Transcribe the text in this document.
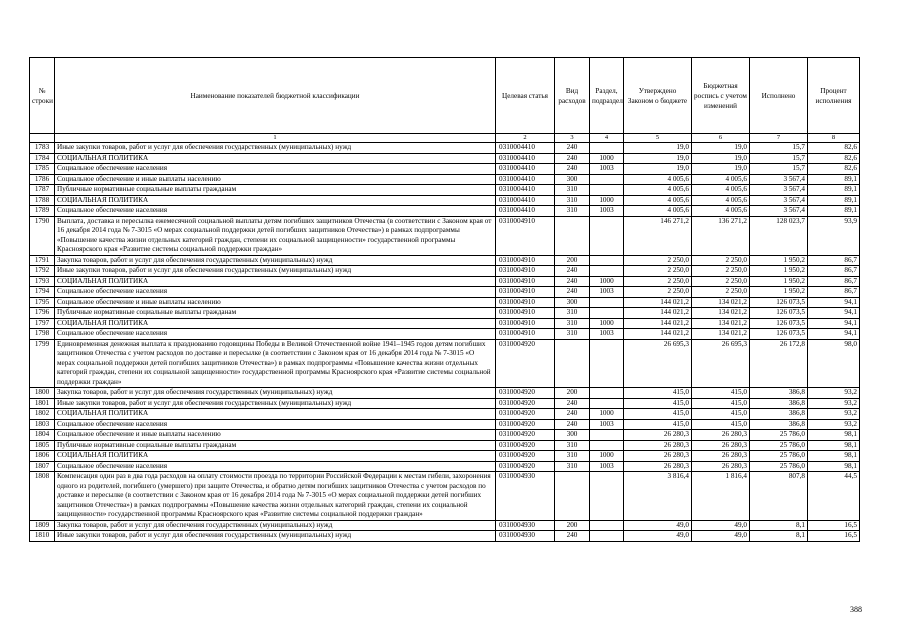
№ строки	Наименование показателей бюджетной классификации	Целевая статья	Вид расходов	Раздел, подраздел	Утверждено Законом о бюджете	Бюджетная роспись с учетом изменений	Исполнено	Процент исполнения
	1	2	3	4	5	6	7	8
1783	Иные закупки товаров, работ и услуг для обеспечения государственных (муниципальных) нужд	0310004410	240		19,0	19,0	15,7	82,6
1784	СОЦИАЛЬНАЯ ПОЛИТИКА	0310004410	240	1000	19,0	19,0	15,7	82,6
1785	Социальное обеспечение населения	0310004410	240	1003	19,0	19,0	15,7	82,6
1786	Социальное обеспечение и иные выплаты населению	0310004410	300		4 005,6	4 005,6	3 567,4	89,1
1787	Публичные нормативные социальные выплаты гражданам	0310004410	310		4 005,6	4 005,6	3 567,4	89,1
1788	СОЦИАЛЬНАЯ ПОЛИТИКА	0310004410	310	1000	4 005,6	4 005,6	3 567,4	89,1
1789	Социальное обеспечение населения	0310004410	310	1003	4 005,6	4 005,6	3 567,4	89,1
1790	Выплата, доставка и пересылка ежемесячной социальной выплаты детям погибших защитников Отечества (в соответствии с Законом края от 16 декабря 2014 года № 7-3015 «О мерах социальной поддержки детей погибших защитников Отечества») в рамках подпрограммы «Повышение качества жизни отдельных категорий граждан, степени их социальной защищенности» государственной программы Красноярского края «Развитие системы социальной поддержки граждан»	0310004910			146 271,2	136 271,2	128 023,7	93,9
1791	Закупка товаров, работ и услуг для обеспечения государственных (муниципальных) нужд	0310004910	200		2 250,0	2 250,0	1 950,2	86,7
1792	Иные закупки товаров, работ и услуг для обеспечения государственных (муниципальных) нужд	0310004910	240		2 250,0	2 250,0	1 950,2	86,7
1793	СОЦИАЛЬНАЯ ПОЛИТИКА	0310004910	240	1000	2 250,0	2 250,0	1 950,2	86,7
1794	Социальное обеспечение населения	0310004910	240	1003	2 250,0	2 250,0	1 950,2	86,7
1795	Социальное обеспечение и иные выплаты населению	0310004910	300		144 021,2	134 021,2	126 073,5	94,1
1796	Публичные нормативные социальные выплаты гражданам	0310004910	310		144 021,2	134 021,2	126 073,5	94,1
1797	СОЦИАЛЬНАЯ ПОЛИТИКА	0310004910	310	1000	144 021,2	134 021,2	126 073,5	94,1
1798	Социальное обеспечение населения	0310004910	310	1003	144 021,2	134 021,2	126 073,5	94,1
1799	Единовременная денежная выплата к празднованию годовщины Победы в Великой Отечественной войне 1941–1945 годов детям погибших защитников Отечества с учетом расходов по доставке и пересылке (в соответствии с Законом края от 16 декабря 2014 года № 7-3015 «О мерах социальной поддержки детей погибших защитников Отечества») в рамках подпрограммы «Повышение качества жизни отдельных категорий граждан, степени их социальной защищенности» государственной программы Красноярского края «Развитие системы социальной поддержки граждан»	0310004920			26 695,3	26 695,3	26 172,8	98,0
1800	Закупка товаров, работ и услуг для обеспечения государственных (муниципальных) нужд	0310004920	200		415,0	415,0	386,8	93,2
1801	Иные закупки товаров, работ и услуг для обеспечения государственных (муниципальных) нужд	0310004920	240		415,0	415,0	386,8	93,2
1802	СОЦИАЛЬНАЯ ПОЛИТИКА	0310004920	240	1000	415,0	415,0	386,8	93,2
1803	Социальное обеспечение населения	0310004920	240	1003	415,0	415,0	386,8	93,2
1804	Социальное обеспечение и иные выплаты населению	0310004920	300		26 280,3	26 280,3	25 786,0	98,1
1805	Публичные нормативные социальные выплаты гражданам	0310004920	310		26 280,3	26 280,3	25 786,0	98,1
1806	СОЦИАЛЬНАЯ ПОЛИТИКА	0310004920	310	1000	26 280,3	26 280,3	25 786,0	98,1
1807	Социальное обеспечение населения	0310004920	310	1003	26 280,3	26 280,3	25 786,0	98,1
1808	Компенсация один раз в два года расходов на оплату стоимости проезда по территории Российской Федерации к местам гибели, захоронения одного из родителей, погибшего (умершего) при защите Отечества, и обратно детям погибших защитников Отечества с учетом расходов по доставке и пересылке (в соответствии с Законом края от 16 декабря 2014 года № 7-3015 «О мерах социальной поддержки детей погибших защитников Отечества») в рамках подпрограммы «Повышение качества жизни отдельных категорий граждан, степени их социальной защищенности» государственной программы Красноярского края «Развитие системы социальной поддержки граждан»	0310004930			3 816,4	1 816,4	807,8	44,5
1809	Закупка товаров, работ и услуг для обеспечения государственных (муниципальных) нужд	0310004930	200		49,0	49,0	8,1	16,5
1810	Иные закупки товаров, работ и услуг для обеспечения государственных (муниципальных) нужд	0310004930	240		49,0	49,0	8,1	16,5
388
